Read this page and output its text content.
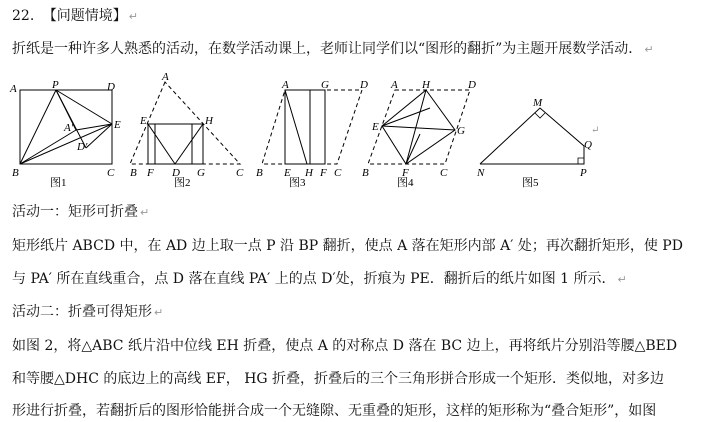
22. 【问题情境】 ↵
折纸是一种许多人熟悉的活动，在数学活动课上，老师让同学们以“图形的翻折”为主题开展数学活动． ↵
A	P	D
A′	E
D′
B	C
图1
A
E	H
B F D G	C
图2
A	G	D
B E H F C
图3
A H	D
E	G
B	F	C
图4
M
Q
N	P
图5
↵
活动一：矩形可折叠 ↵
矩形纸片 ABCD 中，在 AD 边上取一点 P 沿 BP 翻折，使点 A 落在矩形内部 A′ 处；再次翻折矩形，使 PD
与 PA′ 所在直线重合，点 D 落在直线 PA′ 上的点 D′处，折痕为 PE．翻折后的纸片如图 1 所示． ↵
活动二：折叠可得矩形 ↵
如图 2，将△ABC 纸片沿中位线 EH 折叠，使点 A 的对称点 D 落在 BC 边上，再将纸片分别沿等腰△BED
和等腰△DHC 的底边上的高线 EF， HG 折叠，折叠后的三个三角形拼合形成一个矩形．类似地，对多边
形进行折叠，若翻折后的图形恰能拼合成一个无缝隙、无重叠的矩形，这样的矩形称为“叠合矩形”，如图
